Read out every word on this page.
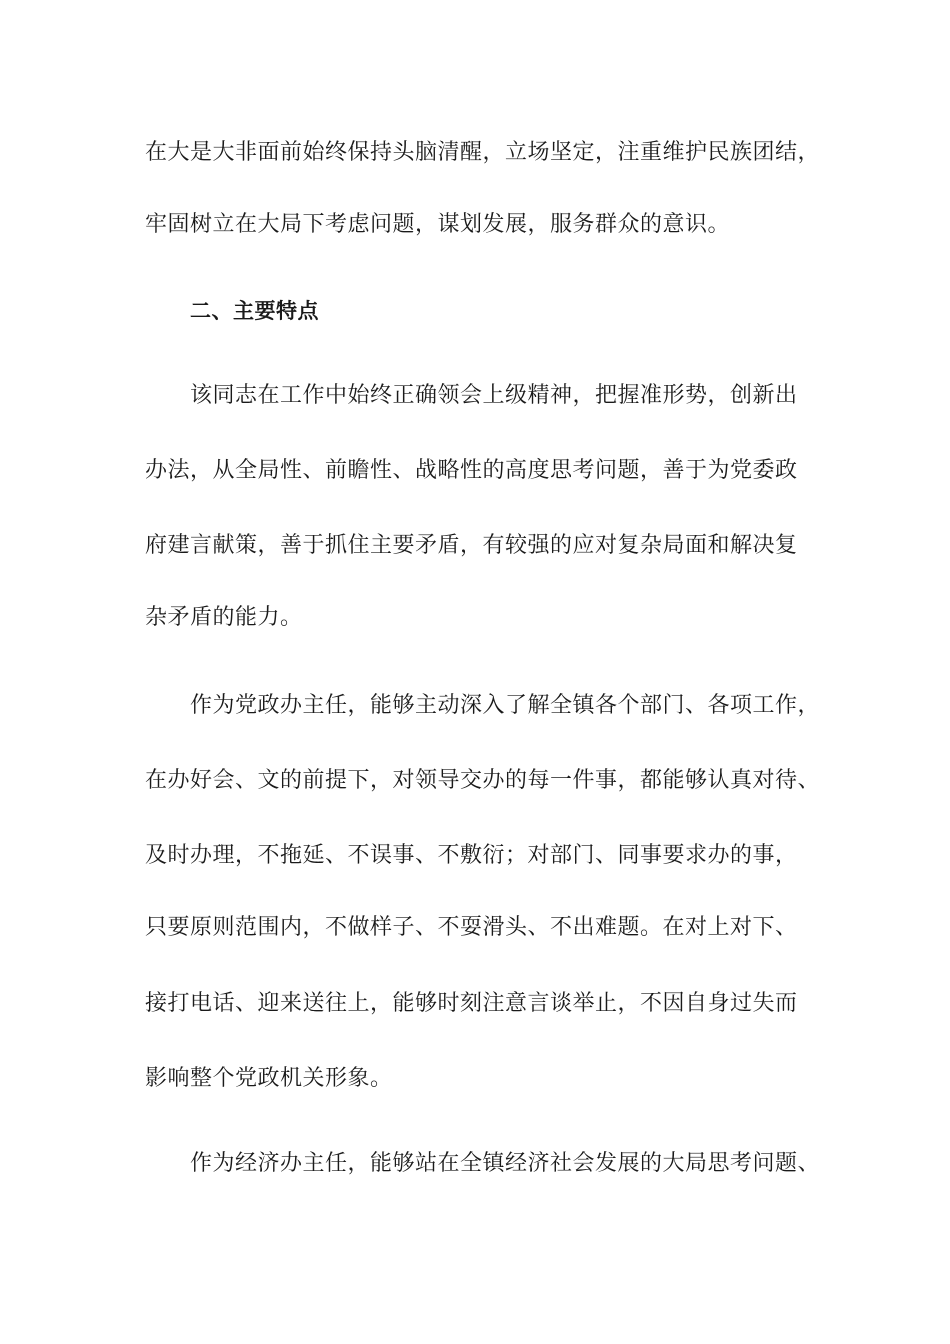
在大是大非面前始终保持头脑清醒，立场坚定，注重维护民族团结，
牢固树立在大局下考虑问题，谋划发展，服务群众的意识。
二、主要特点
该同志在工作中始终正确领会上级精神，把握准形势，创新出
办法，从全局性、前瞻性、战略性的高度思考问题，善于为党委政
府建言献策，善于抓住主要矛盾，有较强的应对复杂局面和解决复
杂矛盾的能力。
作为党政办主任，能够主动深入了解全镇各个部门、各项工作，
在办好会、文的前提下，对领导交办的每一件事，都能够认真对待、
及时办理，不拖延、不误事、不敷衍；对部门、同事要求办的事，
只要原则范围内，不做样子、不耍滑头、不出难题。在对上对下、
接打电话、迎来送往上，能够时刻注意言谈举止，不因自身过失而
影响整个党政机关形象。
作为经济办主任，能够站在全镇经济社会发展的大局思考问题、
